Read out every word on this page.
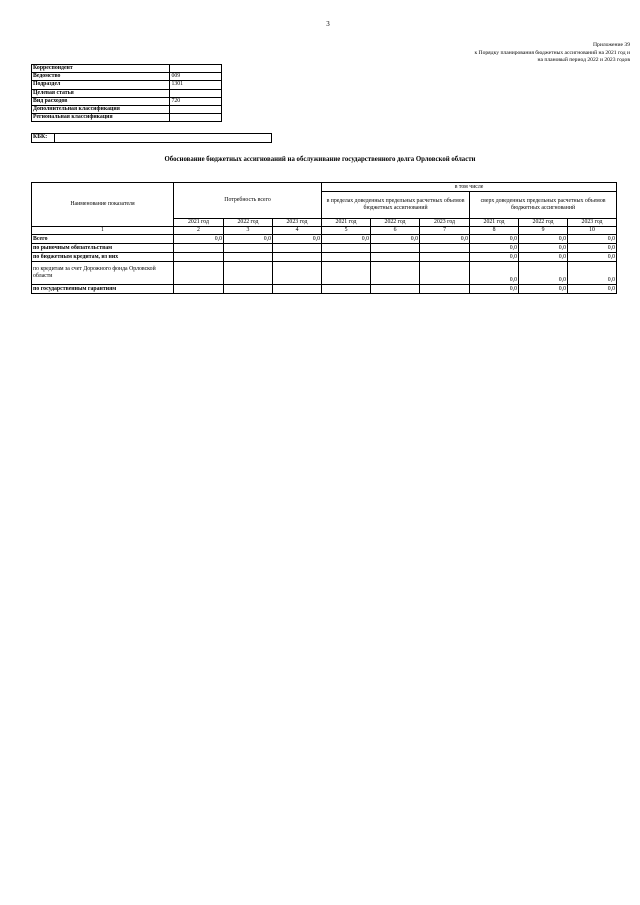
3
Приложение 39
к Порядку планирования бюджетных ассигнований на 2021 год и
на плановый период 2022 и 2023 годов
Корреспондент	
Ведомство	009
Подраздел	1301
Целевая статья	
Вид расходов	720
Дополнительная классификация	
Региональная классификация	
КБК:	
Обоснование бюджетных ассигнований на обслуживание государственного долга Орловской области
Наименование показателя	Потребность всего			в том числе					
				в пределах доведенных предельных расчетных объемов бюджетных ассигнований			сверх доведенных предельных расчетных объемов бюджетных ассигнований		
	2021 год	2022 год	2023 год	2021 год	2022 год	2023 год	2021 год	2022 год	2023 год
1	2	3	4	5	6	7	8	9	10
Всего	0,0	0,0	0,0	0,0	0,0	0,0	0,0	0,0	0,0
по рыночным обязательствам							0,0	0,0	0,0
по бюджетным кредитам, из них							0,0	0,0	0,0
по кредитам за счет Дорожного фонда Орловской области							0,0	0,0	0,0
по государственным гарантиям							0,0	0,0	0,0
